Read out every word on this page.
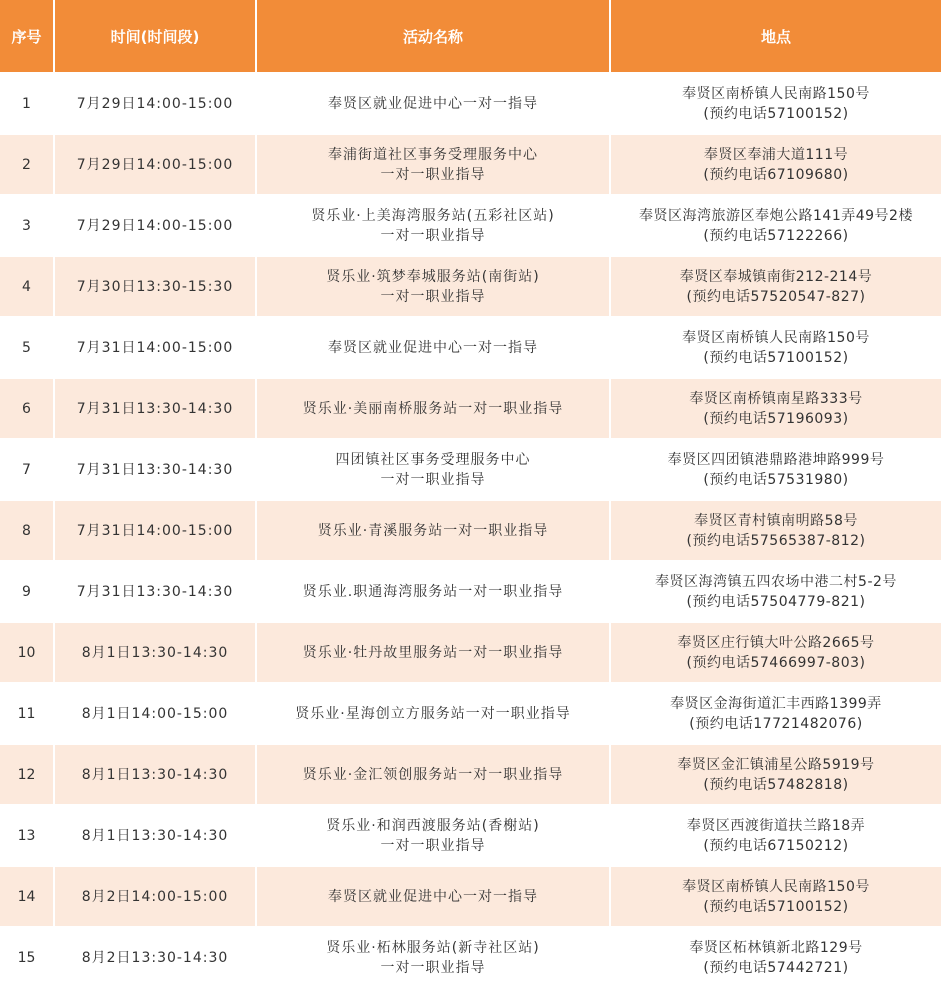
序号	时间(时间段)	活动名称	地点
1	7月29日14:00-15:00	奉贤区就业促进中心一对一指导	奉贤区南桥镇人民南路150号
(预约电话57100152)

2	7月29日14:00-15:00	奉浦街道社区事务受理服务中心
一对一职业指导	奉贤区奉浦大道111号
(预约电话67109680)

3	7月29日14:00-15:00	贤乐业·上美海湾服务站(五彩社区站)
一对一职业指导	奉贤区海湾旅游区奉炮公路141弄49号2楼
(预约电话57122266)

4	7月30日13:30-15:30	贤乐业·筑梦奉城服务站(南街站)
一对一职业指导	奉贤区奉城镇南街212-214号
(预约电话57520547-827)

5	7月31日14:00-15:00	奉贤区就业促进中心一对一指导	奉贤区南桥镇人民南路150号
(预约电话57100152)

6	7月31日13:30-14:30	贤乐业·美丽南桥服务站一对一职业指导	奉贤区南桥镇南星路333号
(预约电话57196093)

7	7月31日13:30-14:30	四团镇社区事务受理服务中心
一对一职业指导	奉贤区四团镇港鼎路港坤路999号
(预约电话57531980)

8	7月31日14:00-15:00	贤乐业·青溪服务站一对一职业指导	奉贤区青村镇南明路58号
(预约电话57565387-812)

9	7月31日13:30-14:30	贤乐业.职通海湾服务站一对一职业指导	奉贤区海湾镇五四农场中港二村5-2号
(预约电话57504779-821)

10	8月1日13:30-14:30	贤乐业·牡丹故里服务站一对一职业指导	奉贤区庄行镇大叶公路2665号
(预约电话57466997-803)

11	8月1日14:00-15:00	贤乐业·星海创立方服务站一对一职业指导	奉贤区金海街道汇丰西路1399弄
(预约电话17721482076)

12	8月1日13:30-14:30	贤乐业·金汇领创服务站一对一职业指导	奉贤区金汇镇浦星公路5919号
(预约电话57482818)

13	8月1日13:30-14:30	贤乐业·和润西渡服务站(香榭站)
一对一职业指导	奉贤区西渡街道扶兰路18弄
(预约电话67150212)

14	8月2日14:00-15:00	奉贤区就业促进中心一对一指导	奉贤区南桥镇人民南路150号
(预约电话57100152)

15	8月2日13:30-14:30	贤乐业·柘林服务站(新寺社区站)
一对一职业指导	奉贤区柘林镇新北路129号
(预约电话57442721)
